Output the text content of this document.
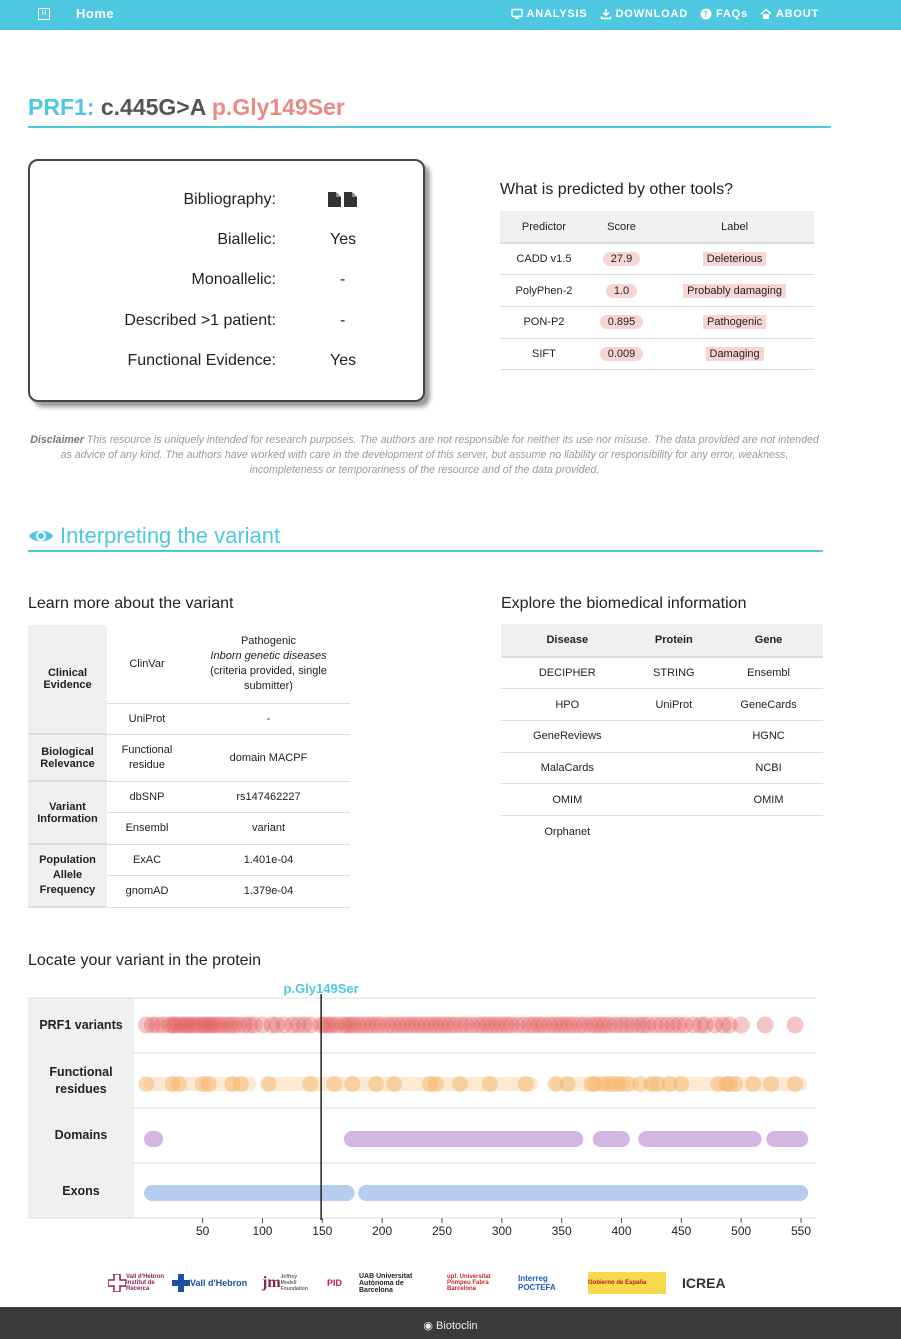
H Home	ANALYSIS	DOWNLOAD ? FAQs	ABOUT
PRF1: c.445G>A p.Gly149Ser
Bibliography:
Biallelic:	Yes
Monoallelic:	-
Described >1 patient:	-
Functional Evidence:	Yes
What is predicted by other tools?
Predictor	Score	Label
CADD v1.5	27.9	Deleterious
PolyPhen-2	1.0	Probably damaging
PON-P2	0.895	Pathogenic
SIFT	0.009	Damaging
Disclaimer This resource is uniquely intended for research purposes. The authors are not responsible for neither its use nor misuse. The data provided are not intended as advice of any kind. The authors have worked with care in the development of this server, but assume no liability or responsibility for any error, weakness, incompleteness or temporariness of the resource and of the data provided.
Interpreting the variant
Learn more about the variant
Clinical Evidence	ClinVar	Pathogenic
Inborn genetic diseases
(criteria provided, single submitter)

	UniProt	-
Biological Relevance	Functional residue	domain MACPF
Variant Information	dbSNP	rs147462227
	Ensembl	variant
Population Allele Frequency	ExAC	1.401e-04
	gnomAD	1.379e-04
Explore the biomedical information
Disease	Protein	Gene
DECIPHER	STRING	Ensembl
HPO	UniProt	GeneCards
GeneReviews		HGNC
MalaCards		NCBI
OMIM		OMIM
Orphanet		
Locate your variant in the protein
PRF1 variants
Functional residues
Domains
Exons
50	100	150	200	250	300	350	400	450	500	550
p.Gly149Ser
Vall d'Hebron Institut de Recerca
Vall d'Hebron jm Jeffrey Modell Foundation
PID
UAB Universitat Autònoma de Barcelona
upf. Universitat Pompeu Fabra Barcelona
Interreg POCTEFA	Gobierno de España	ICREA
◉ Biotoclin
